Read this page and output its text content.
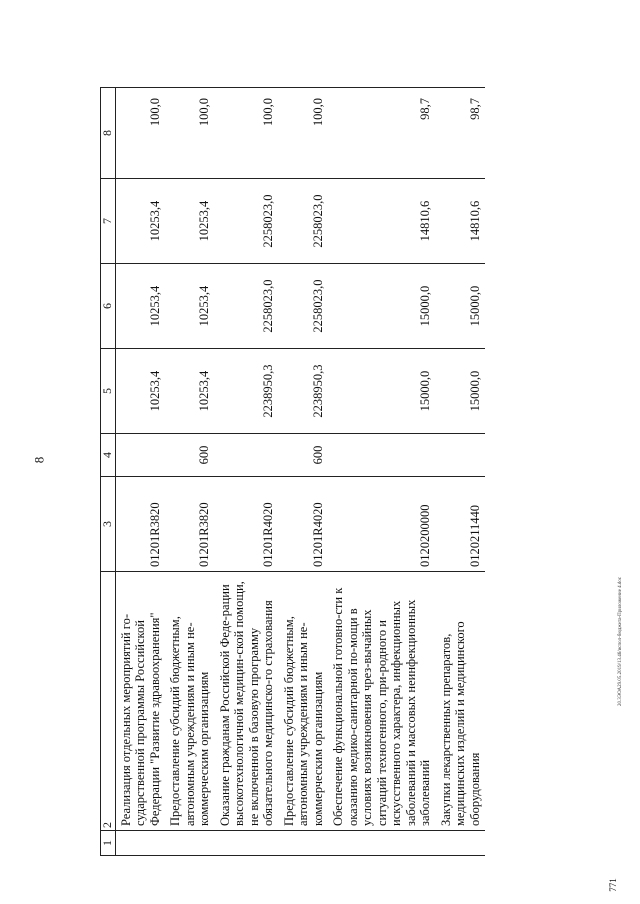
8
1	2	3	4	5	6	7	8
	Реализация отдельных мероприятий го-сударственной программы Российской Федерации "Развитие здравоохранения"	01201R3820		10253,4	10253,4	10253,4	100,0
	Предоставление субсидий бюджетным, автономным учреждениям и иным не-коммерческим организациям	01201R3820	600	10253,4	10253,4	10253,4	100,0
	Оказание гражданам Российской Феде-рации высокотехнологичной медицин-ской помощи, не включенной в базовую программу обязательного медицинско-го страхования	01201R4020		2238950,3	2258023,0	2258023,0	100,0
	Предоставление субсидий бюджетным, автономным учреждениям и иным не-коммерческим организациям	01201R4020	600	2238950,3	2258023,0	2258023,0	100,0
	Обеспечение функциональной готовно-сти к оказанию медико-санитарной по-мощи в условиях возникновения чрез-вычайных ситуаций техногенного, при-родного и искусственного характера, инфекционных заболеваний и массовых неинфекционных заболеваний	0120200000		15000,0	15000,0	14810,6	98,7
	Закупки лекарственных препаратов, медицинских изделий и медицинского оборудования	0120211440		15000,0	15000,0	14810,6	98,7
20.3ЭОА29.05.2019/13.46/испол-бюджета-Приложение 4.doc
771
